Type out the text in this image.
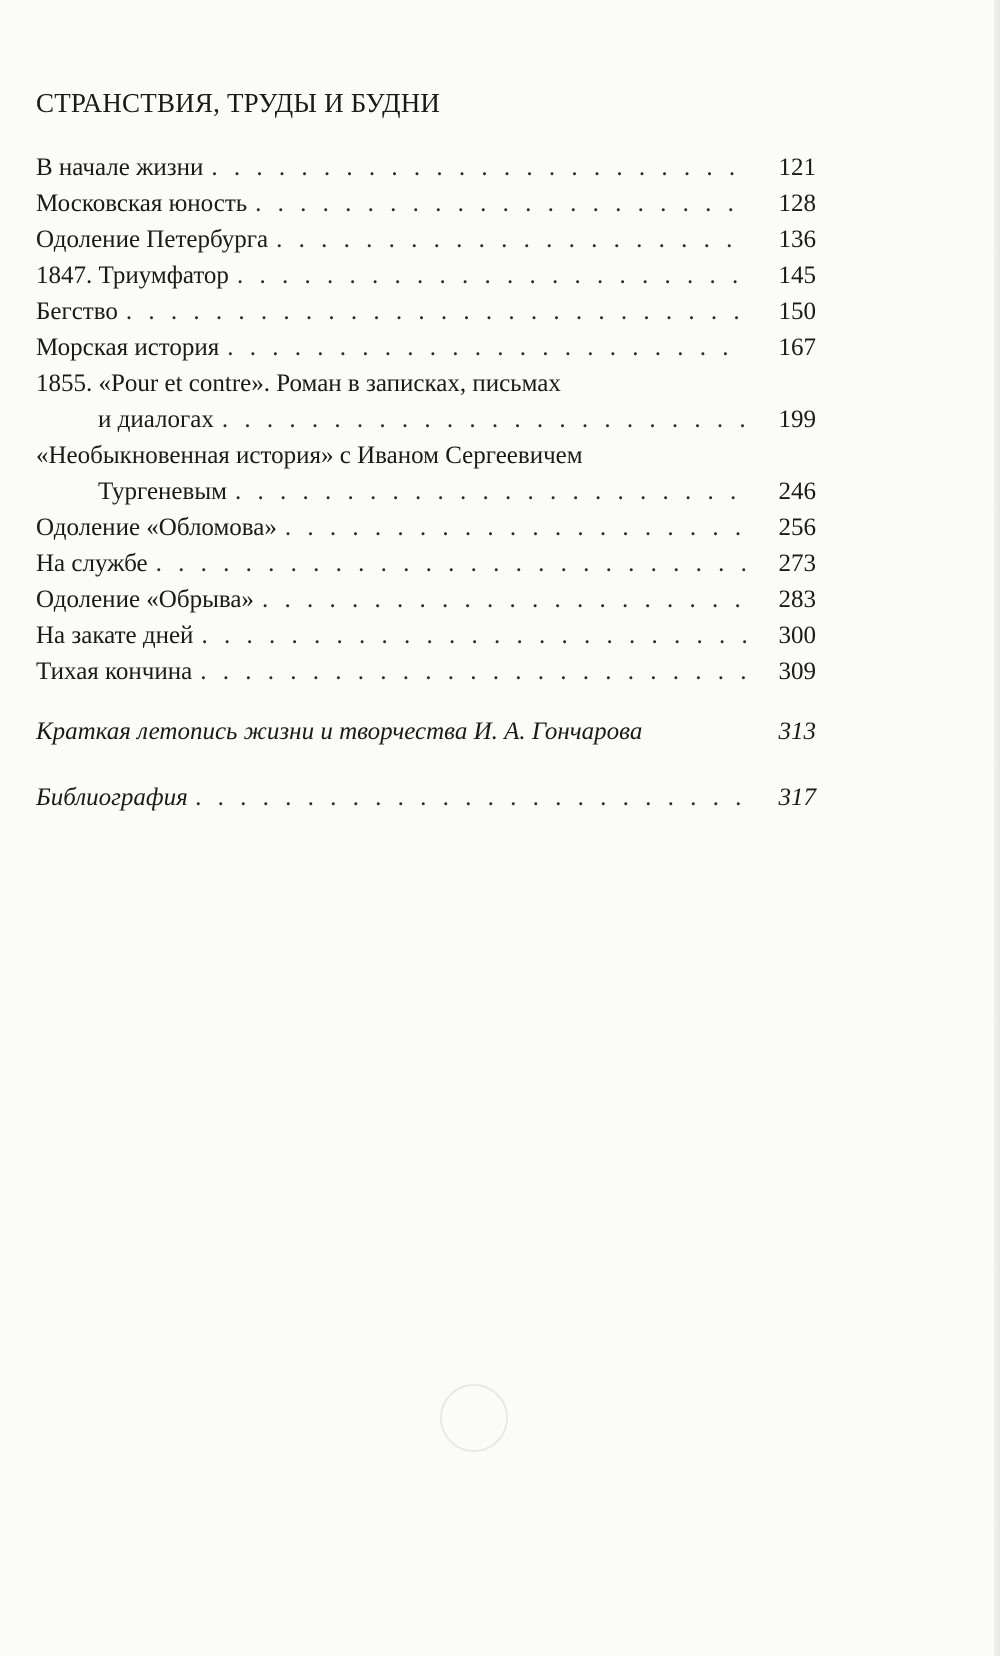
СТРАНСТВИЯ, ТРУДЫ И БУДНИ
В начале жизни . . .	121
Московская юность . . .	128
Одоление Петербурга . . .	136
1847. Триумфатор . . .	145
Бегство . . .	150
Морская история . . .	167
1855. «Pour et contre». Роман в записках, письмах
и диалогах . . .	199
«Необыкновенная история» с Иваном Сергеевичем
Тургеневым . . .	246
Одоление «Обломова» . . .	256
На службе . . .	273
Одоление «Обрыва» . . .	283
На закате дней . . .	300
Тихая кончина . . .	309
Краткая летопись жизни и творчества И. А. Гончарова	313
Библиография . . .	317
